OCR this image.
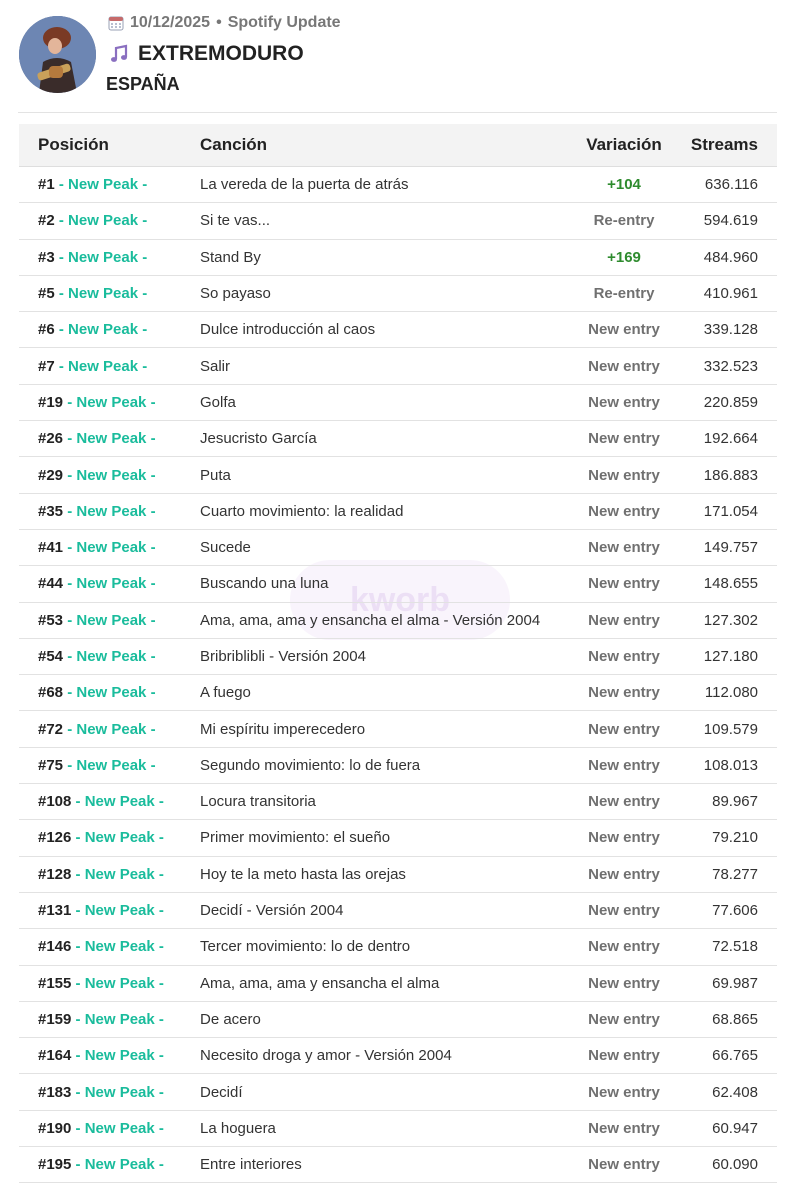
10/12/2025 • Spotify Update
EXTREMODURO
ESPAÑA
kworb
Posición	Canción	Variación	Streams
#1 - New Peak -	La vereda de la puerta de atrás	+104	636.116
#2 - New Peak -	Si te vas...	Re-entry	594.619
#3 - New Peak -	Stand By	+169	484.960
#5 - New Peak -	So payaso	Re-entry	410.961
#6 - New Peak -	Dulce introducción al caos	New entry	339.128
#7 - New Peak -	Salir	New entry	332.523
#19 - New Peak -	Golfa	New entry	220.859
#26 - New Peak -	Jesucristo García	New entry	192.664
#29 - New Peak -	Puta	New entry	186.883
#35 - New Peak -	Cuarto movimiento: la realidad	New entry	171.054
#41 - New Peak -	Sucede	New entry	149.757
#44 - New Peak -	Buscando una luna	New entry	148.655
#53 - New Peak -	Ama, ama, ama y ensancha el alma - Versión 2004	New entry	127.302
#54 - New Peak -	Bribriblibli - Versión 2004	New entry	127.180
#68 - New Peak -	A fuego	New entry	112.080
#72 - New Peak -	Mi espíritu imperecedero	New entry	109.579
#75 - New Peak -	Segundo movimiento: lo de fuera	New entry	108.013
#108 - New Peak -	Locura transitoria	New entry	89.967
#126 - New Peak -	Primer movimiento: el sueño	New entry	79.210
#128 - New Peak -	Hoy te la meto hasta las orejas	New entry	78.277
#131 - New Peak -	Decidí - Versión 2004	New entry	77.606
#146 - New Peak -	Tercer movimiento: lo de dentro	New entry	72.518
#155 - New Peak -	Ama, ama, ama y ensancha el alma	New entry	69.987
#159 - New Peak -	De acero	New entry	68.865
#164 - New Peak -	Necesito droga y amor - Versión 2004	New entry	66.765
#183 - New Peak -	Decidí	New entry	62.408
#190 - New Peak -	La hoguera	New entry	60.947
#195 - New Peak -	Entre interiores	New entry	60.090
